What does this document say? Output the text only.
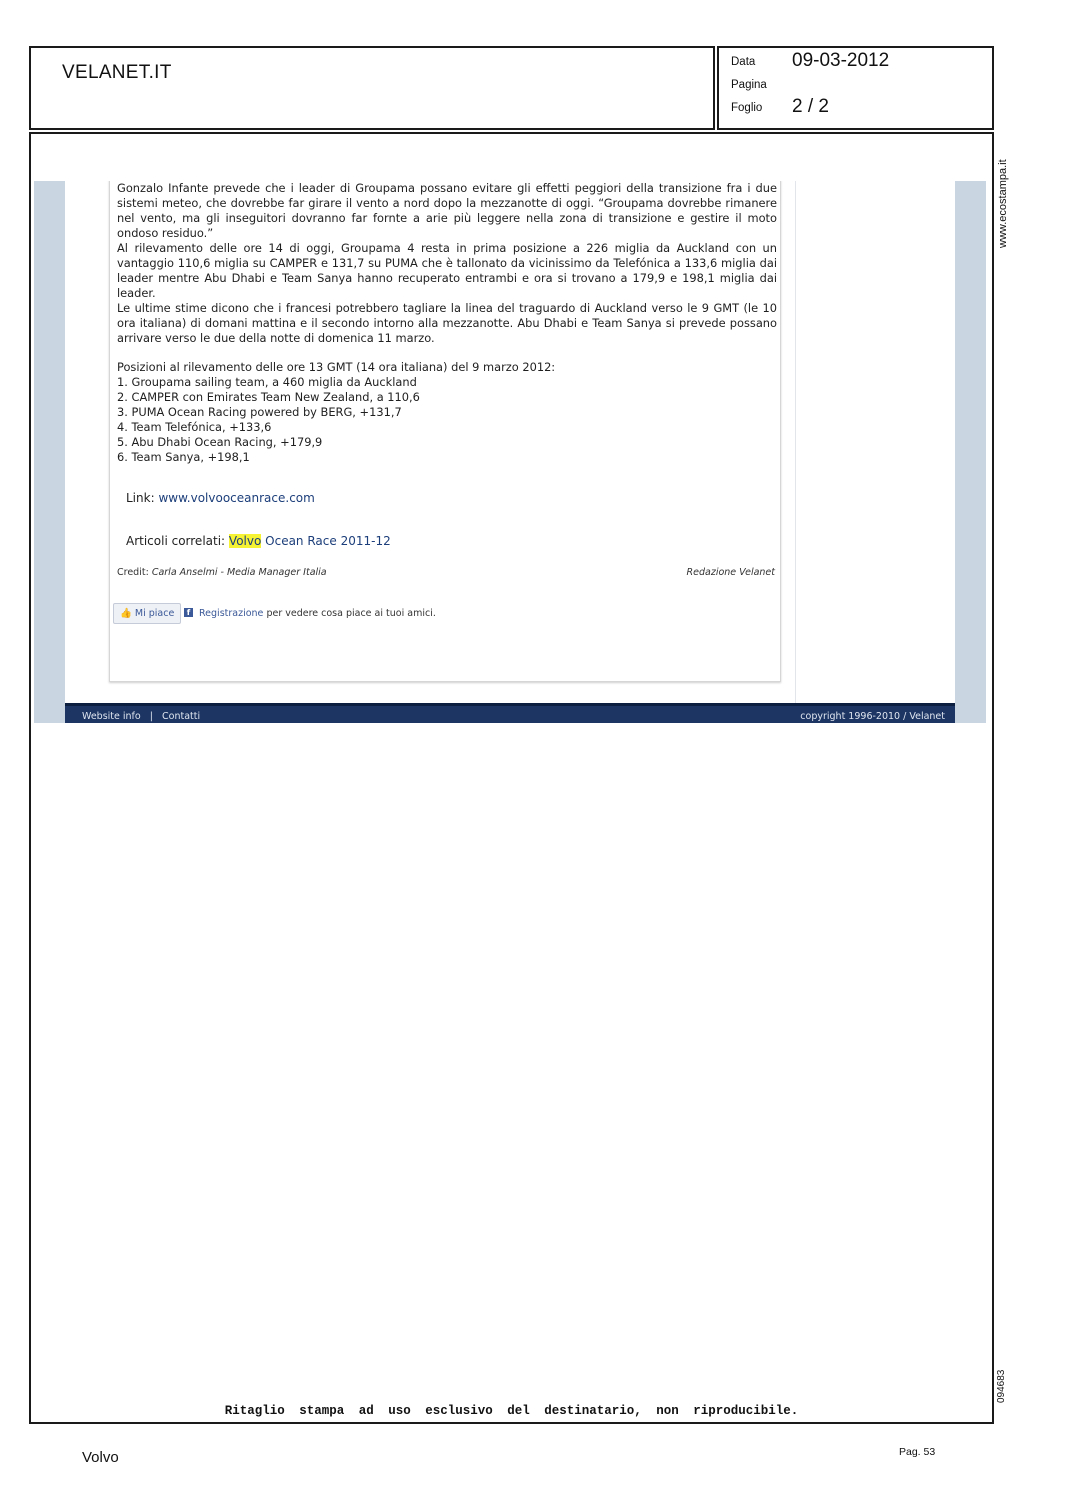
VELANET.IT	Data 09-03-2012
Pagina
Foglio 2 / 2
Ritaglio stampa ad uso esclusivo del destinatario, non riproducibile.
www.ecostampa.it
094683
Gonzalo Infante prevede che i leader di Groupama possano evitare gli effetti peggiori della transizione fra i due sistemi meteo, che dovrebbe far girare il vento a nord dopo la mezzanotte di oggi. “Groupama dovrebbe rimanere nel vento, ma gli inseguitori dovranno far fornte a arie più leggere nella zona di transizione e gestire il moto ondoso residuo.”
Al rilevamento delle ore 14 di oggi, Groupama 4 resta in prima posizione a 226 miglia da Auckland con un vantaggio 110,6 miglia su CAMPER e 131,7 su PUMA che è tallonato da vicinissimo da Telefónica a 133,6 miglia dai leader mentre Abu Dhabi e Team Sanya hanno recuperato entrambi e ora si trovano a 179,9 e 198,1 miglia dai leader.
Le ultime stime dicono che i francesi potrebbero tagliare la linea del traguardo di Auckland verso le 9 GMT (le 10 ora italiana) di domani mattina e il secondo intorno alla mezzanotte. Abu Dhabi e Team Sanya si prevede possano arrivare verso le due della notte di domenica 11 marzo.
Posizioni al rilevamento delle ore 13 GMT (14 ora italiana) del 9 marzo 2012:
1. Groupama sailing team, a 460 miglia da Auckland
2. CAMPER con Emirates Team New Zealand, a 110,6
3. PUMA Ocean Racing powered by BERG, +131,7
4. Team Telefónica, +133,6
5. Abu Dhabi Ocean Racing, +179,9
6. Team Sanya, +198,1
Link: www.volvooceanrace.com
Articoli correlati: Volvo Ocean Race 2011-12
Credit: Carla Anselmi - Media Manager Italia	Redazione Velanet
👍 Mi piace	f Registrazione per vedere cosa piace ai tuoi amici.
Website info   |   Contatti	copyright 1996-2010 / Velanet
Volvo	Pag. 53
